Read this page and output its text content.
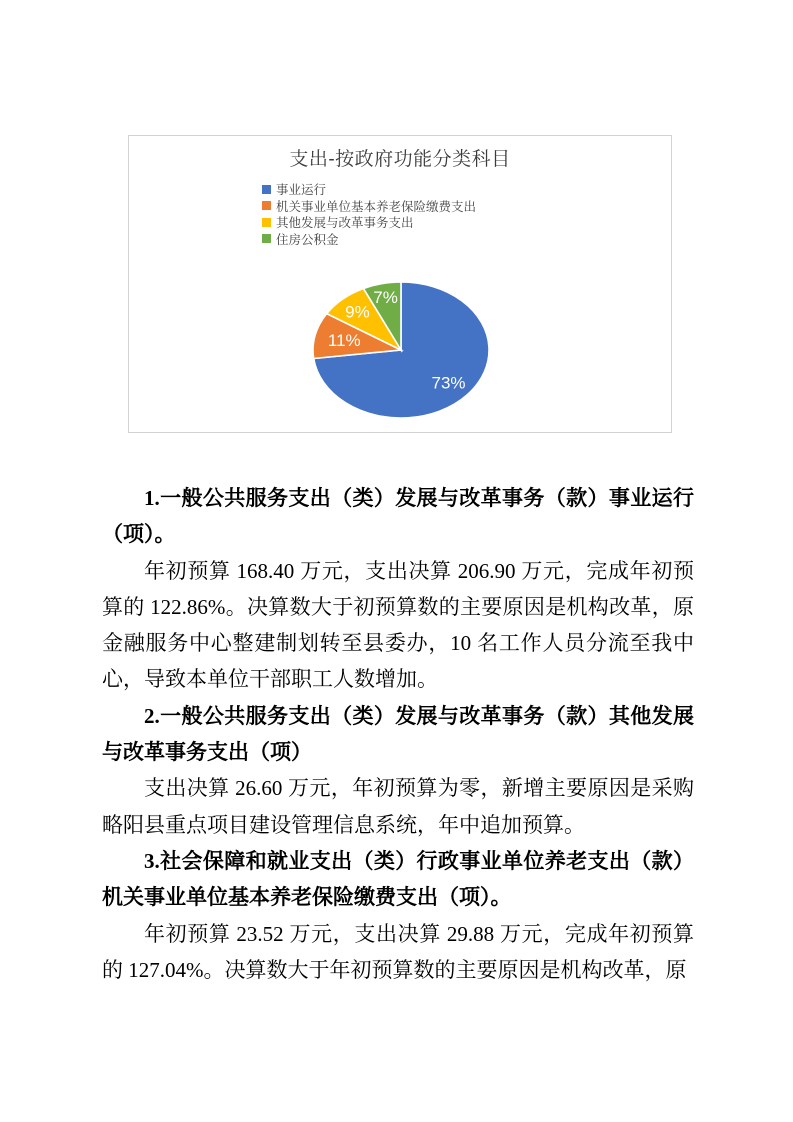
支出-按政府功能分类科目
事业运行
机关事业单位基本养老保险缴费支出
其他发展与改革事务支出
住房公积金
73%
11%
9%
7%

1.一般公共服务支出（类）发展与改革事务（款）事业运行（项）。

年初预算 168.40 万元，支出决算 206.90 万元，完成年初预算的 122.86%。决算数大于初预算数的主要原因是机构改革，原金融服务中心整建制划转至县委办，10 名工作人员分流至我中心，导致本单位干部职工人数增加。

2.一般公共服务支出（类）发展与改革事务（款）其他发展与改革事务支出（项）

支出决算 26.60 万元，年初预算为零，新增主要原因是采购略阳县重点项目建设管理信息系统，年中追加预算。

3.社会保障和就业支出（类）行政事业单位养老支出（款）机关事业单位基本养老保险缴费支出（项）。

年初预算 23.52 万元，支出决算 29.88 万元，完成年初预算的 127.04%。决算数大于年初预算数的主要原因是机构改革，原
